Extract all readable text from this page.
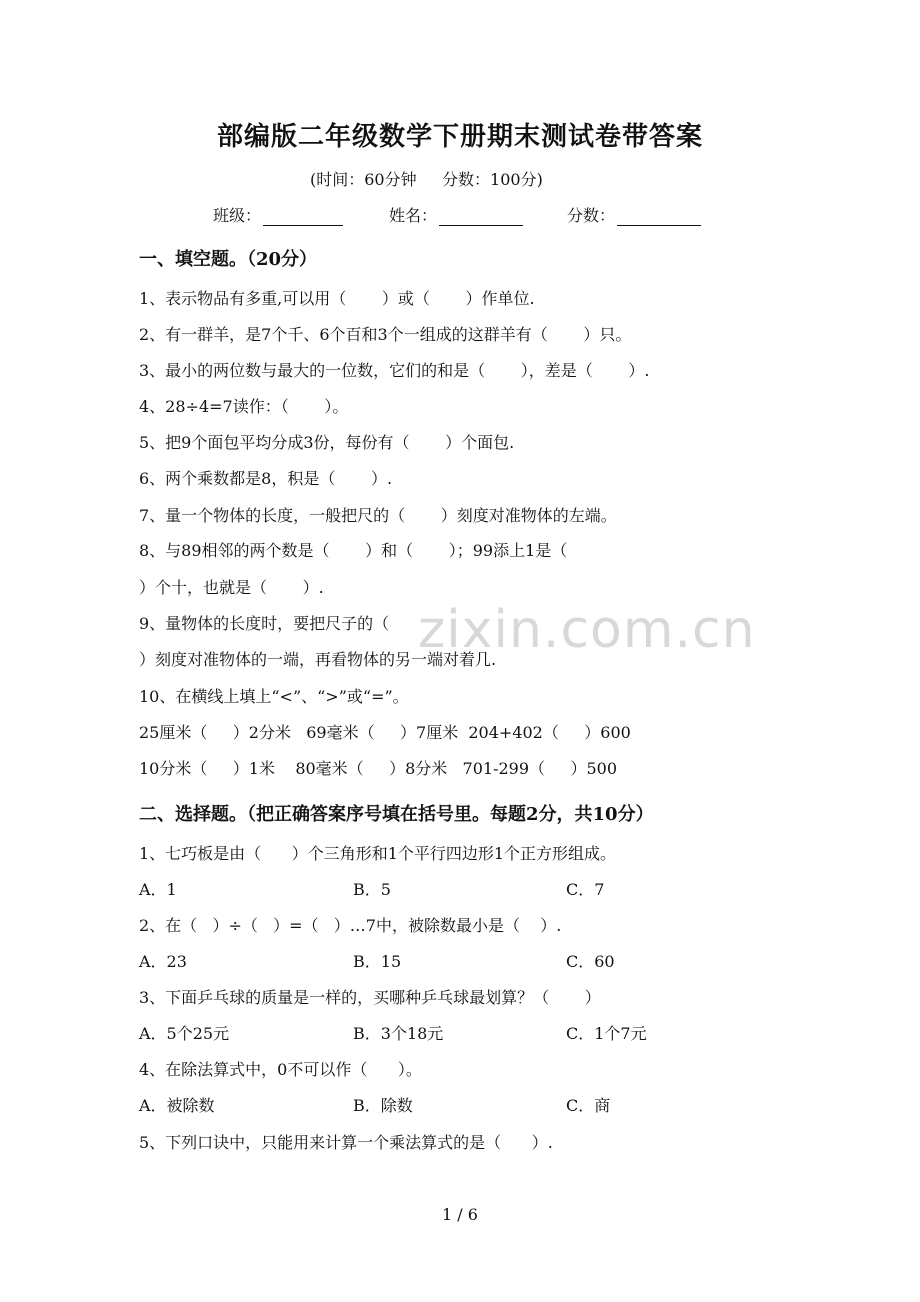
部编版二年级数学下册期末测试卷带答案
(时间：60分钟     分数：100分)
班级：	姓名：	分数：
一、填空题。（20分）
1、表示物品有多重,可以用（       ）或（       ）作单位.
2、有一群羊，是7个千、6个百和3个一组成的这群羊有（       ）只。
3、最小的两位数与最大的一位数，它们的和是（       ），差是（       ）.
4、28÷4=7读作：（       ）。
5、把9个面包平均分成3份，每份有（       ）个面包.
6、两个乘数都是8，积是（       ）.
7、量一个物体的长度，一般把尺的（       ）刻度对准物体的左端。
8、与89相邻的两个数是（       ）和（       ）；99添上1是（
）个十，也就是（       ）.
9、量物体的长度时，要把尺子的（
）刻度对准物体的一端，再看物体的另一端对着几.
10、在横线上填上“<”、“>”或“=”。
25厘米（     ）2分米   69毫米（     ）7厘米  204+402（     ）600
10分米（     ）1米    80毫米（     ）8分米   701-299（     ）500
二、选择题。（把正确答案序号填在括号里。每题2分，共10分）
1、七巧板是由（      ）个三角形和1个平行四边形1个正方形组成。
A．1	B．5	C．7
2、在（   ）÷（   ）=（   ）…7中，被除数最小是（    ）.
A．23	B．15	C．60
3、下面乒乓球的质量是一样的，买哪种乒乓球最划算？（       ）
A．5个25元	B．3个18元	C．1个7元
4、在除法算式中，0不可以作（      ）。
A．被除数	B．除数	C．商
5、下列口诀中，只能用来计算一个乘法算式的是（      ）.
zixin.com.cn
1 / 6
